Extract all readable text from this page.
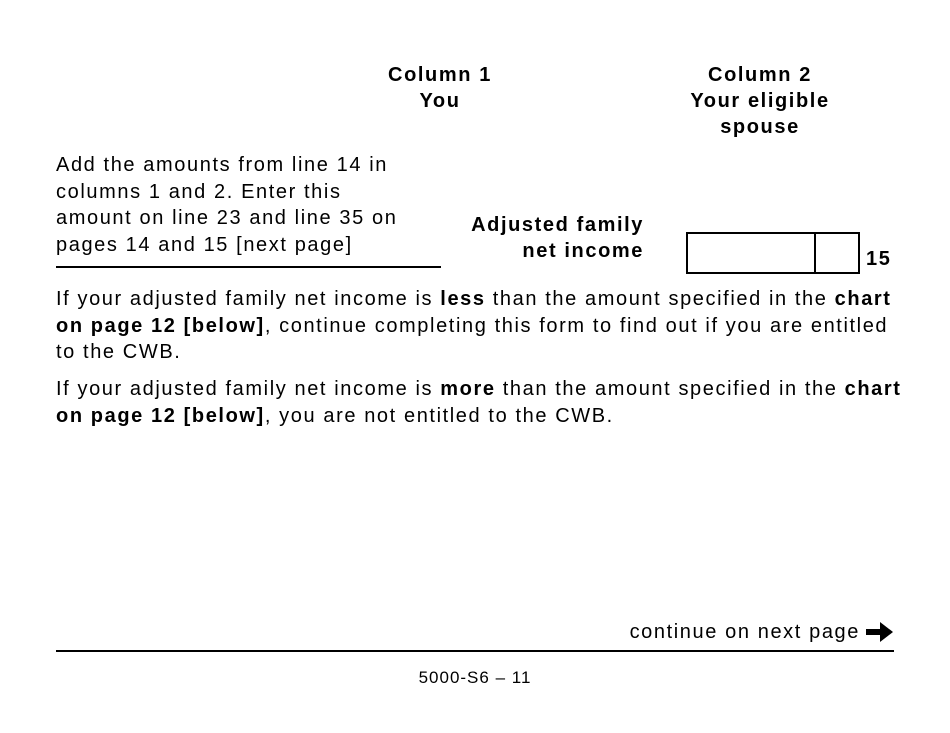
Column 1
You
Column 2
Your eligible
spouse
Add the amounts from line 14 in
columns 1 and 2. Enter this
amount on line 23 and line 35 on
pages 14 and 15 [next page]
Adjusted family
net income	15
If your adjusted family net income is less than the amount specified in the chart on page 12 [below], continue completing this form to find out if you are entitled to the CWB.
If your adjusted family net income is more than the amount specified in the chart on page 12 [below], you are not entitled to the CWB.
continue on next page
5000-S6 – 11
